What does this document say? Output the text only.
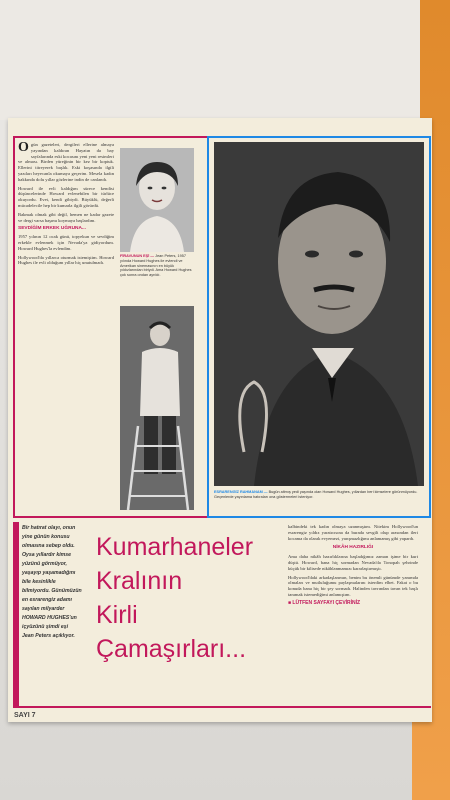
Ogün gazeteleri, dergileri ellerine almaya yayından kaldıran Hayatın da bay sayfalarında eski kocasını yeni yeni resimleri ve alması. Birden yüreğinin bir kez bir koptuk. Ellerini titreyerek başlık. Eski koşasında ilgili yazıları heyecanla okumaya geçerim. Mesela kadın hakkında dolu yıllar gözlerine indin de canlandı.

Howard ile evli kaldığım sürece kendisi düşüncelerinde Howard evlenebilen bir türlüce okuyordu. Evet, kendi gibiydi. Büyüklü, değerli mücadelecile hep bir kumarla ilgili görürdü.

Bakmak olmak gibi değil, hemen ne kadar gazete ve dergi varsa başımı koymaya başlardım.

SEVDİĞİM ERKEK UĞRUNA...

1957 yılının 12 ocak günü, topyekun ve sevdiğim erkekle evlenmek için Nevada'ya gidiyordum. Howard Hughes'la evlendim.

Hollywood'da yıllarca oturmak istemiştim. Howard Hughes ile evli olduğum yıllar hiç unutulmadı.

FİRAVUNUN EŞİ — Jean Peters, 1957 yılında Howard Hughes ile evlendi ve Amerikan sinemasının en büyük yıldızlarından biriydi. Ama Howard Hughes çok sonra ondan ayrıldı.
ESRARENGİZ RAHMANAM — Bugün altmış yedi yaşında olan Howard Hughes, yıllardan beri kimselere görünmüyordu. Geçenlerde yayınlama hatıraları ona göstermeleri isteniyor.
Bir hatırat olayı, onun
yine günün konusu
olmasına sebep oldu.
Oysa yıllardır kimse
yüzünü görmüyor,
yaşayıp yaşamadığını
bile kesinlikle
bilmiyordu. Günümüzün
en esrarengiz adamı
sayılan milyarder
HOWARD HUGHES'un
içyüzünü şimdi eşi
Jean Peters açıklıyor.
Kumarhaneler
Kralının
Kirli
Çamaşırları...

kalbindeki tek kadın olmaya uzanmıştım. Nitekim Hollywood'un esrarengiz yıldız yaratıcısına da burada sevgili olup arasından ileri kocama da olarak evyemezi, yarışmazlığımı anlamamış gibi yapardı.

NİKÂH HAZIRLIĞI

Ama daha nikâh hazırlıklarına başladığımız zaman işime bir kurt düştü. Howard, bana hiç sormadan Nevada'da Tonopah şehrinde küçük bir kilisede nikâhlanmamızı kararlaştırmıştı.

Hollywood'daki arkadaşlarımın, benim bu önemli günümde yanımda olmaları ve mutluluğumu paylaşmalarını isterdim elbet. Fakat o bu konuda bana hiç bir şey sormadı. Halinden tavrından tavan tek başlı tanımak istemediğimi anlamıştım.

■ LÜTFEN SAYFAYI ÇEVİRİNİZ
SAYI 7
